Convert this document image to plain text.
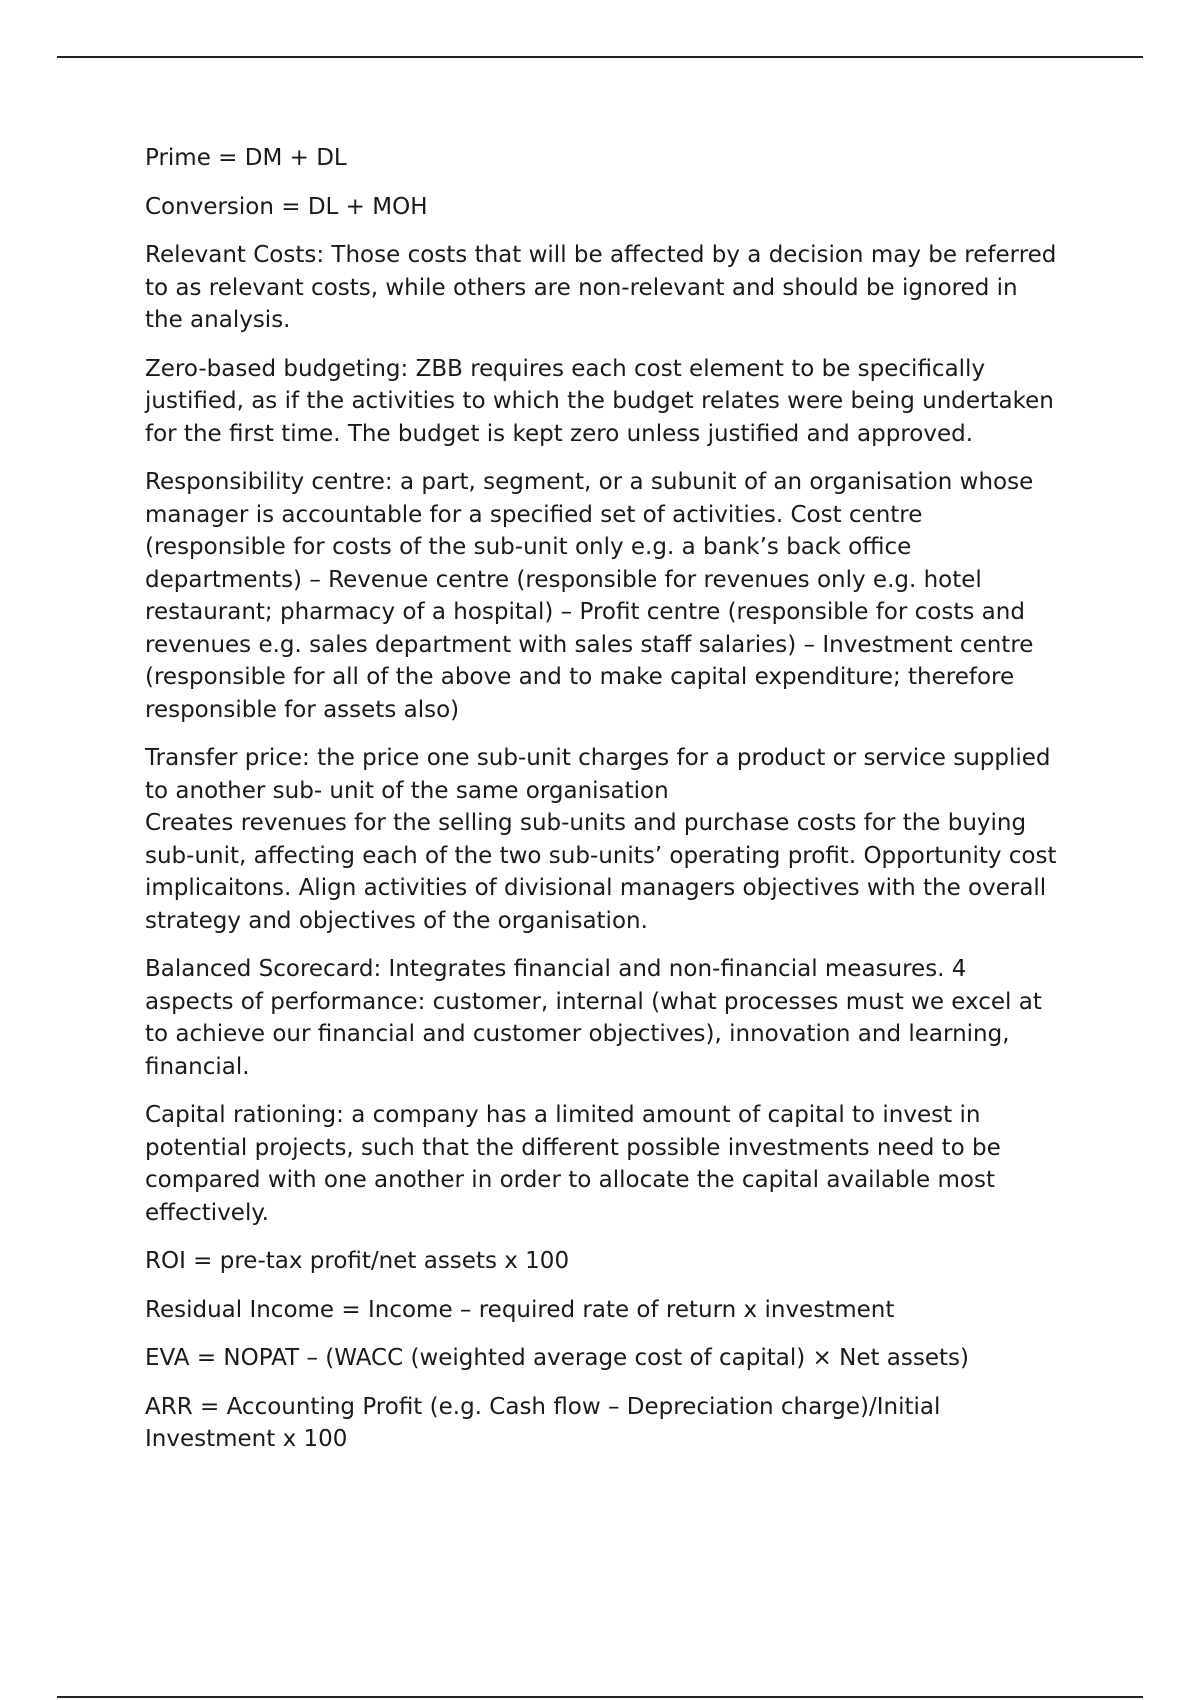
Prime = DM + DL

Conversion = DL + MOH

Relevant Costs: Those costs that will be affected by a decision may be referred to as relevant costs, while others are non-relevant and should be ignored in the analysis.

Zero-based budgeting: ZBB requires each cost element to be specifically justified, as if the activities to which the budget relates were being undertaken for the first time. The budget is kept zero unless justified and approved.

Responsibility centre: a part, segment, or a subunit of an organisation whose manager is accountable for a specified set of activities. Cost centre (responsible for costs of the sub-unit only e.g. a bank’s back office departments) – Revenue centre (responsible for revenues only e.g. hotel restaurant; pharmacy of a hospital) – Profit centre (responsible for costs and revenues e.g. sales department with sales staff salaries) – Investment centre (responsible for all of the above and to make capital expenditure; therefore responsible for assets also)

Transfer price: the price one sub-unit charges for a product or service supplied to another sub- unit of the same organisation
Creates revenues for the selling sub-units and purchase costs for the buying sub-unit, affecting each of the two sub-units’ operating profit. Opportunity cost implicaitons. Align activities of divisional managers objectives with the overall strategy and objectives of the organisation.

Balanced Scorecard: Integrates financial and non-financial measures. 4 aspects of performance: customer, internal (what processes must we excel at to achieve our financial and customer objectives), innovation and learning, financial.

Capital rationing: a company has a limited amount of capital to invest in potential projects, such that the different possible investments need to be compared with one another in order to allocate the capital available most effectively.

ROI = pre-tax profit/net assets x 100

Residual Income = Income – required rate of return x investment

EVA = NOPAT – (WACC (weighted average cost of capital) × Net assets)

ARR = Accounting Profit (e.g. Cash flow – Depreciation charge)/Initial Investment x 100
